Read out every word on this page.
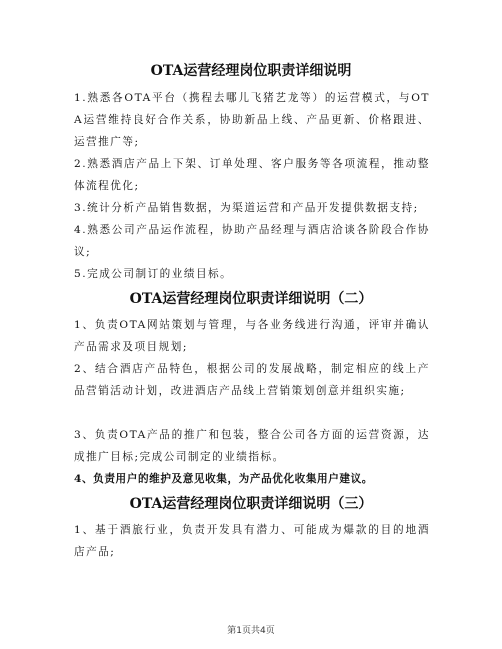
OTA运营经理岗位职责详细说明
1.熟悉各OTA平台（携程去哪儿飞猪艺龙等）的运营模式，与OTA运营维持良好合作关系，协助新品上线、产品更新、价格跟进、运营推广等;
2.熟悉酒店产品上下架、订单处理、客户服务等各项流程，推动整体流程优化;
3.统计分析产品销售数据，为渠道运营和产品开发提供数据支持;
4.熟悉公司产品运作流程，协助产品经理与酒店洽谈各阶段合作协议;
5.完成公司制订的业绩目标。
OTA运营经理岗位职责详细说明（二）
1、负责OTA网站策划与管理，与各业务线进行沟通，评审并确认产品需求及项目规划;
2、结合酒店产品特色，根据公司的发展战略，制定相应的线上产品营销活动计划，改进酒店产品线上营销策划创意并组织实施;
3、负责OTA产品的推广和包装，整合公司各方面的运营资源，达成推广目标;完成公司制定的业绩指标。
4、负责用户的维护及意见收集，为产品优化收集用户建议。
OTA运营经理岗位职责详细说明（三）
1、基于酒旅行业，负责开发具有潜力、可能成为爆款的目的地酒店产品;
第1页共4页
